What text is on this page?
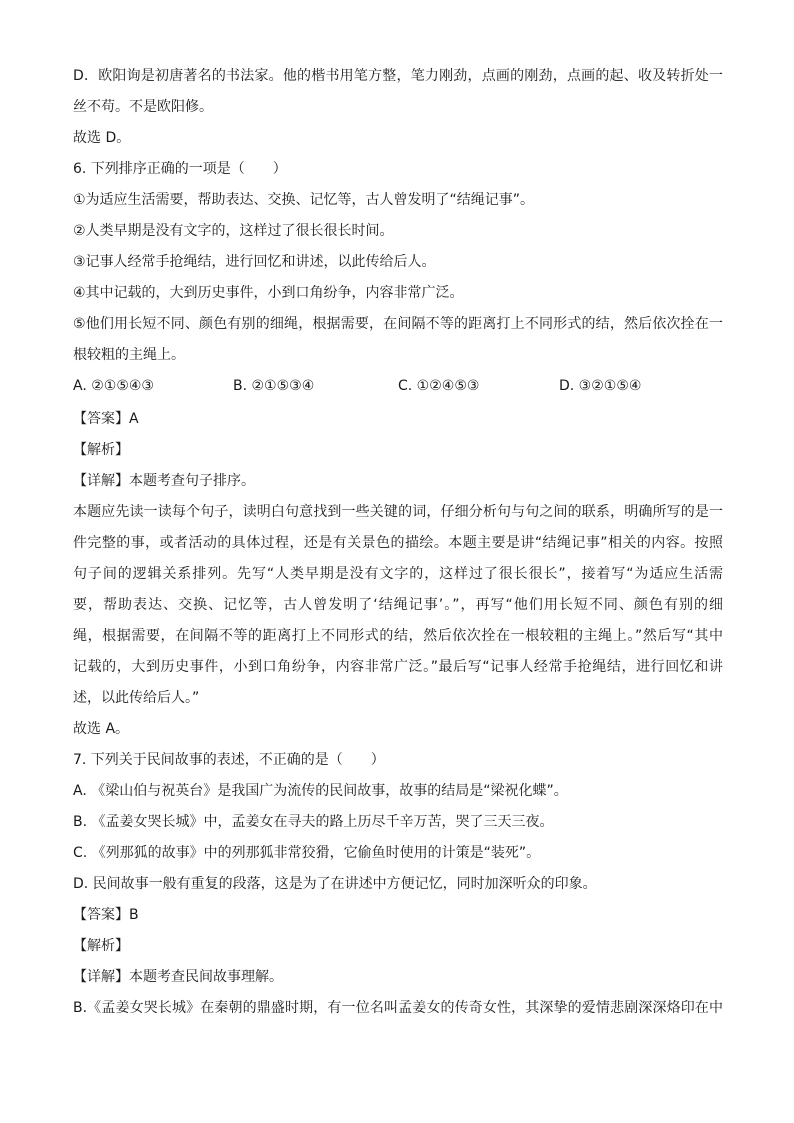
D．欧阳询是初唐著名的书法家。他的楷书用笔方整，笔力刚劲，点画的刚劲，点画的起、收及转折处一
丝不苟。不是欧阳修。
故选 D。
6. 下列排序正确的一项是（　　）
①为适应生活需要，帮助表达、交换、记忆等，古人曾发明了“结绳记事”。
②人类早期是没有文字的，这样过了很长很长时间。
③记事人经常手抢绳结，进行回忆和讲述，以此传给后人。
④其中记载的，大到历史事件，小到口角纷争，内容非常广泛。
⑤他们用长短不同、颜色有别的细绳，根据需要，在间隔不等的距离打上不同形式的结，然后依次拴在一
根较粗的主绳上。
A. ②①⑤④③	B. ②①⑤③④	C. ①②④⑤③	D. ③②①⑤④
【答案】A
【解析】
【详解】本题考查句子排序。
本题应先读一读每个句子，读明白句意找到一些关键的词，仔细分析句与句之间的联系，明确所写的是一
件完整的事，或者活动的具体过程，还是有关景色的描绘。本题主要是讲“结绳记事”相关的内容。按照
句子间的逻辑关系排列。先写“人类早期是没有文字的，这样过了很长很长”，接着写“为适应生活需
要，帮助表达、交换、记忆等，古人曾发明了‘结绳记事’。”，再写“他们用长短不同、颜色有别的细
绳，根据需要，在间隔不等的距离打上不同形式的结，然后依次拴在一根较粗的主绳上。”然后写“其中
记载的，大到历史事件，小到口角纷争，内容非常广泛。”最后写“记事人经常手抢绳结，进行回忆和讲
述，以此传给后人。”
故选 A。
7. 下列关于民间故事的表述，不正确的是（　　）
A. 《梁山伯与祝英台》是我国广为流传的民间故事，故事的结局是“梁祝化蝶”。
B. 《孟姜女哭长城》中，孟姜女在寻夫的路上历尽千辛万苦，哭了三天三夜。
C. 《列那狐的故事》中的列那狐非常狡猾，它偷鱼时使用的计策是“装死”。
D. 民间故事一般有重复的段落，这是为了在讲述中方便记忆，同时加深听众的印象。
【答案】B
【解析】
【详解】本题考查民间故事理解。
B.《孟姜女哭长城》在秦朝的鼎盛时期，有一位名叫孟姜女的传奇女性，其深挚的爱情悲剧深深烙印在中
